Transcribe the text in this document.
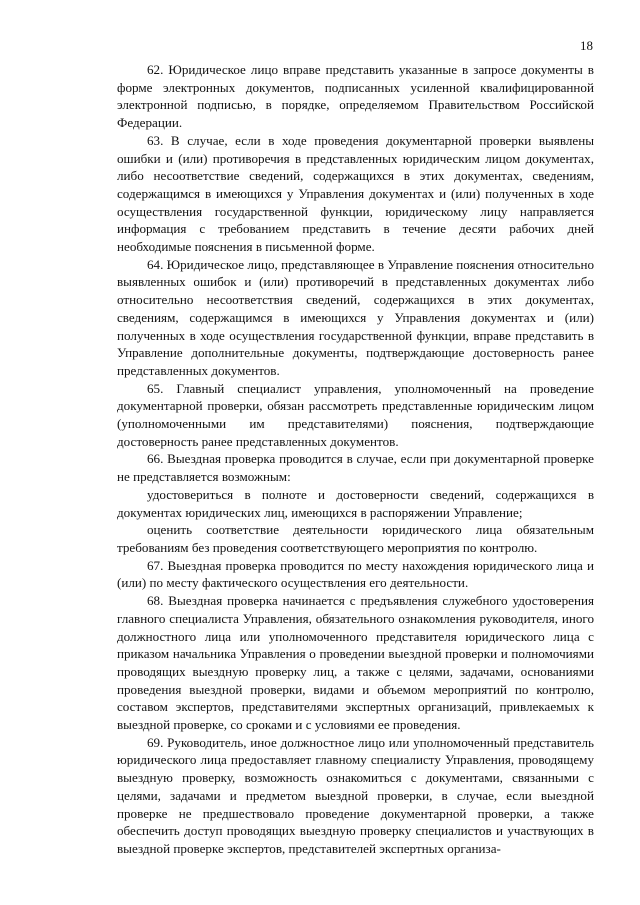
18

62. Юридическое лицо вправе представить указанные в запросе документы в форме электронных документов, подписанных усиленной квалифицированной электронной подписью, в порядке, определяемом Правительством Российской Федерации.

63. В случае, если в ходе проведения документарной проверки выявлены ошибки и (или) противоречия в представленных юридическим лицом документах, либо несоответствие сведений, содержащихся в этих документах, сведениям, содержащимся в имеющихся у Управления документах и (или) полученных в ходе осуществления государственной функции, юридическому лицу направляется информация с требованием представить в течение десяти рабочих дней необходимые пояснения в письменной форме.

64. Юридическое лицо, представляющее в Управление пояснения относительно выявленных ошибок и (или) противоречий в представленных документах либо относительно несоответствия сведений, содержащихся в этих документах, сведениям, содержащимся в имеющихся у Управления документах и (или) полученных в ходе осуществления государственной функции, вправе представить в Управление дополнительные документы, подтверждающие достоверность ранее представленных документов.

65. Главный специалист управления, уполномоченный на проведение документарной проверки, обязан рассмотреть представленные юридическим лицом (уполномоченными им представителями) пояснения, подтверждающие достоверность ранее представленных документов.

66. Выездная проверка проводится в случае, если при документарной проверке не представляется возможным:

удостовериться в полноте и достоверности сведений, содержащихся в документах юридических лиц, имеющихся в распоряжении Управление;

оценить соответствие деятельности юридического лица обязательным требованиям без проведения соответствующего мероприятия по контролю.

67. Выездная проверка проводится по месту нахождения юридического лица и (или) по месту фактического осуществления его деятельности.

68. Выездная проверка начинается с предъявления служебного удостоверения главного специалиста Управления, обязательного ознакомления руководителя, иного должностного лица или уполномоченного представителя юридического лица с приказом начальника Управления о проведении выездной проверки и полномочиями проводящих выездную проверку лиц, а также с целями, задачами, основаниями проведения выездной проверки, видами и объемом мероприятий по контролю, составом экспертов, представителями экспертных организаций, привлекаемых к выездной проверке, со сроками и с условиями ее проведения.

69. Руководитель, иное должностное лицо или уполномоченный представитель юридического лица предоставляет главному специалисту Управления, проводящему выездную проверку, возможность ознакомиться с документами, связанными с целями, задачами и предметом выездной проверки, в случае, если выездной проверке не предшествовало проведение документарной проверки, а также обеспечить доступ проводящих выездную проверку специалистов и участвующих в выездной проверке экспертов, представителей экспертных организа-
